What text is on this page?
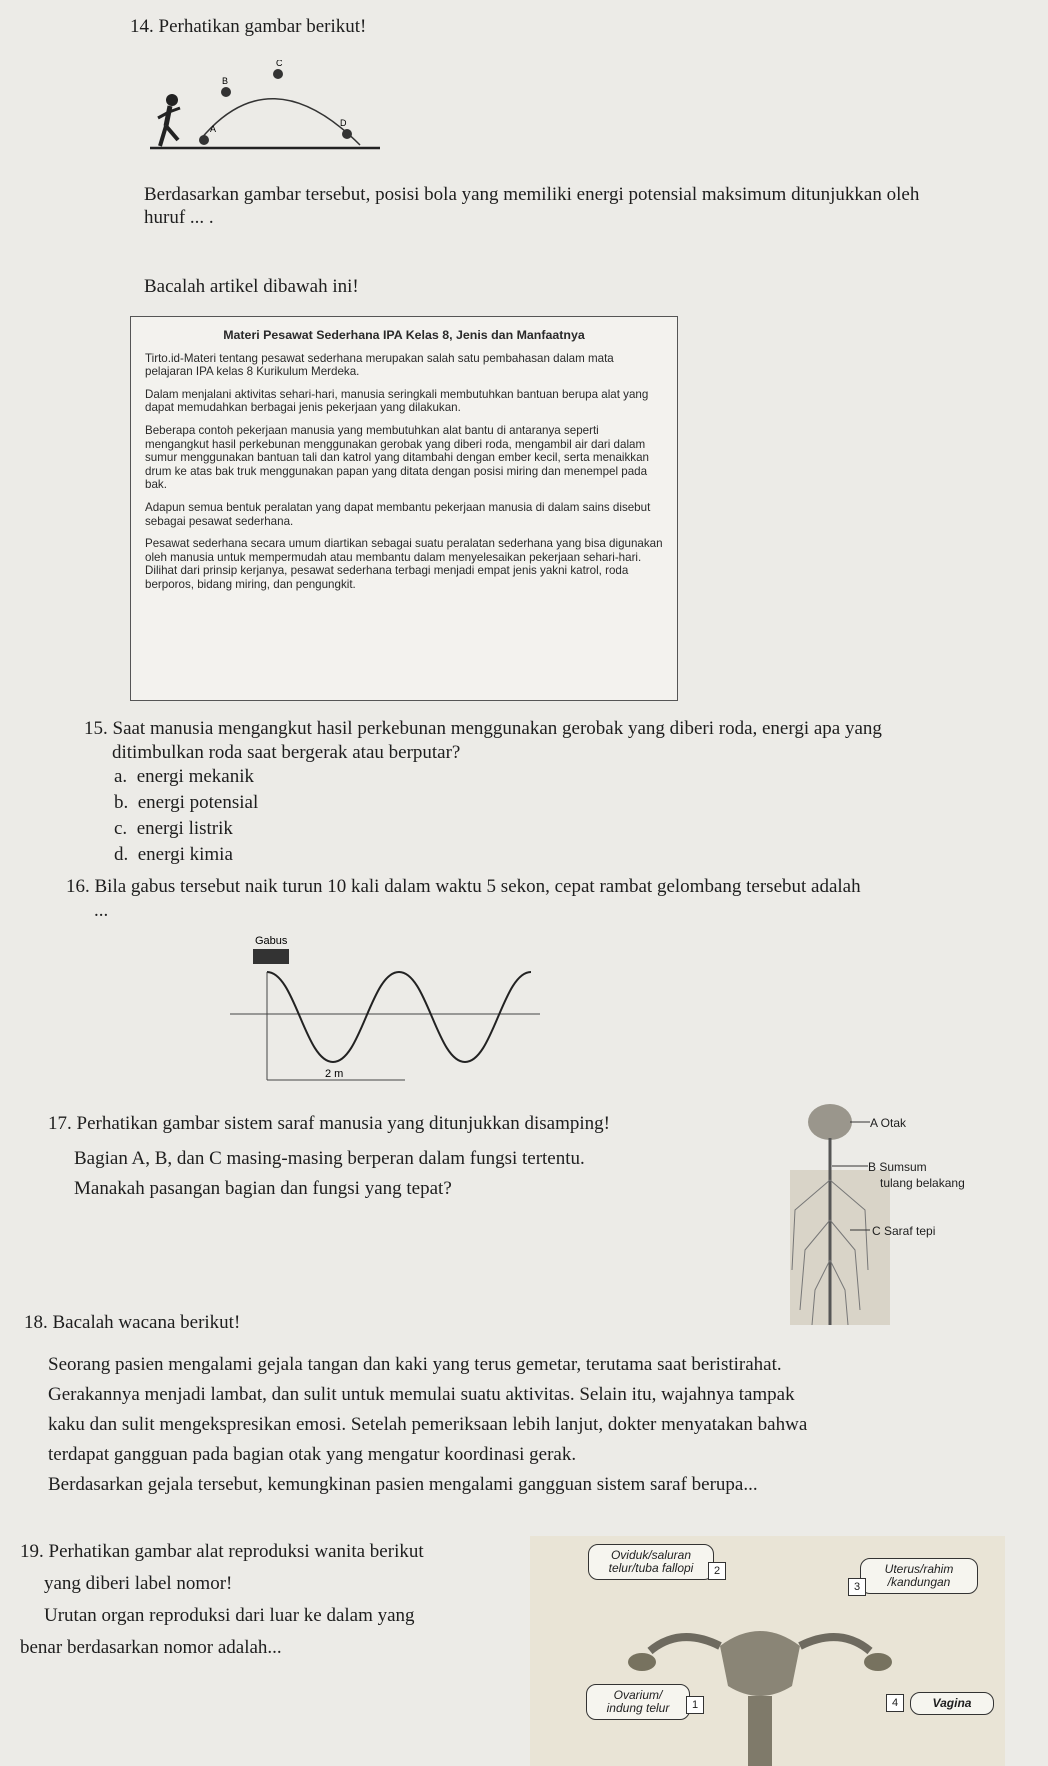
14. Perhatikan gambar berikut!
B
C
A
D
Berdasarkan gambar tersebut, posisi bola yang memiliki energi potensial maksimum ditunjukkan oleh
huruf ... .
Bacalah artikel dibawah ini!
Materi Pesawat Sederhana IPA Kelas 8, Jenis dan Manfaatnya

Tirto.id-Materi tentang pesawat sederhana merupakan salah satu pembahasan dalam mata pelajaran IPA kelas 8 Kurikulum Merdeka.

Dalam menjalani aktivitas sehari-hari, manusia seringkali membutuhkan bantuan berupa alat yang dapat memudahkan berbagai jenis pekerjaan yang dilakukan.

Beberapa contoh pekerjaan manusia yang membutuhkan alat bantu di antaranya seperti mengangkut hasil perkebunan menggunakan gerobak yang diberi roda, mengambil air dari dalam sumur menggunakan bantuan tali dan katrol yang ditambahi dengan ember kecil, serta menaikkan drum ke atas bak truk menggunakan papan yang ditata dengan posisi miring dan menempel pada bak.

Adapun semua bentuk peralatan yang dapat membantu pekerjaan manusia di dalam sains disebut sebagai pesawat sederhana.

Pesawat sederhana secara umum diartikan sebagai suatu peralatan sederhana yang bisa digunakan oleh manusia untuk mempermudah atau membantu dalam menyelesaikan pekerjaan sehari-hari. Dilihat dari prinsip kerjanya, pesawat sederhana terbagi menjadi empat jenis yakni katrol, roda berporos, bidang miring, dan pengungkit.

15. Saat manusia mengangkut hasil perkebunan menggunakan gerobak yang diberi roda, energi apa yang
ditimbulkan roda saat bergerak atau berputar?
a. energi mekanik
b. energi potensial
c. energi listrik
d. energi kimia
16. Bila gabus tersebut naik turun 10 kali dalam waktu 5 sekon, cepat rambat gelombang tersebut adalah
...
Gabus
2 m
17. Perhatikan gambar sistem saraf manusia yang ditunjukkan disamping!
Bagian A, B, dan C masing-masing berperan dalam fungsi tertentu.
Manakah pasangan bagian dan fungsi yang tepat?
A Otak
B Sumsum
tulang belakang
C Saraf tepi
18. Bacalah wacana berikut!
Seorang pasien mengalami gejala tangan dan kaki yang terus gemetar, terutama saat beristirahat.
Gerakannya menjadi lambat, dan sulit untuk memulai suatu aktivitas. Selain itu, wajahnya tampak
kaku dan sulit mengekspresikan emosi. Setelah pemeriksaan lebih lanjut, dokter menyatakan bahwa
terdapat gangguan pada bagian otak yang mengatur koordinasi gerak.
Berdasarkan gejala tersebut, kemungkinan pasien mengalami gangguan sistem saraf berupa...
19. Perhatikan gambar alat reproduksi wanita berikut
yang diberi label nomor!
Urutan organ reproduksi dari luar ke dalam yang
benar berdasarkan nomor adalah...
Oviduk/saluran
telur/tuba fallopi	2	Uterus/rahim
/kandungan
3
Ovarium/
indung telur	1	4	Vagina
